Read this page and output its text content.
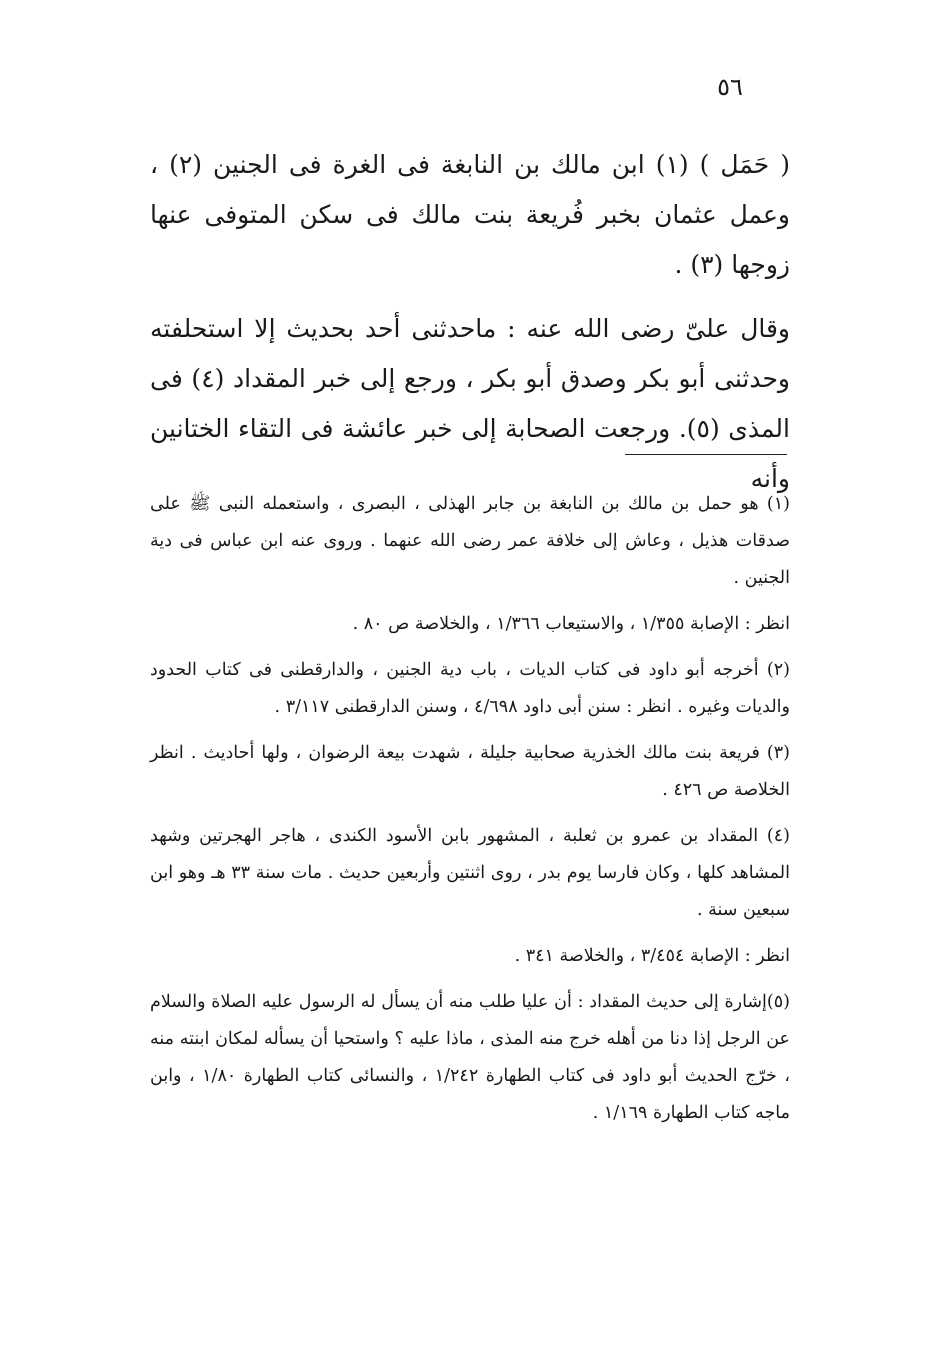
٥٦

( حَمَل ) (١) ابن مالك بن النابغة فى الغرة فى الجنين (٢) ، وعمل عثمان بخبر فُريعة بنت مالك فى سكن المتوفى عنها زوجها (٣) .

وقال علىّ رضى الله عنه : ماحدثنى أحد بحديث إلا استحلفته وحدثنى أبو بكر وصدق أبو بكر ، ورجع إلى خبر المقداد (٤) فى المذى (٥). ورجعت الصحابة إلى خبر عائشة فى التقاء الختانين وأنه

(١) هو حمل بن مالك بن النابغة بن جابر الهذلى ، البصرى ، واستعمله النبى ﷺ على صدقات هذيل ، وعاش إلى خلافة عمر رضى الله عنهما . وروى عنه ابن عباس فى دية الجنين .

انظر : الإصابة ١/٣٥٥ ، والاستيعاب ١/٣٦٦ ، والخلاصة ص ٨٠ .

(٢) أخرجه أبو داود فى كتاب الديات ، باب دية الجنين ، والدارقطنى فى كتاب الحدود والديات وغيره . انظر : سنن أبى داود ٤/٦٩٨ ، وسنن الدارقطنى ٣/١١٧ .

(٣) فريعة بنت مالك الخذرية صحابية جليلة ، شهدت بيعة الرضوان ، ولها أحاديث . انظر الخلاصة ص ٤٢٦ .

(٤) المقداد بن عمرو بن ثعلبة ، المشهور بابن الأسود الكندى ، هاجر الهجرتين وشهد المشاهد كلها ، وكان فارسا يوم بدر ، روى اثنتين وأربعين حديث . مات سنة ٣٣ هـ وهو ابن سبعين سنة .

انظر : الإصابة ٣/٤٥٤ ، والخلاصة ٣٤١ .

(٥)إشارة إلى حديث المقداد : أن عليا طلب منه أن يسأل له الرسول عليه الصلاة والسلام عن الرجل إذا دنا من أهله خرج منه المذى ، ماذا عليه ؟ واستحيا أن يسأله لمكان ابنته منه ، خرّج الحديث أبو داود فى كتاب الطهارة ١/٢٤٢ ، والنسائى كتاب الطهارة ١/٨٠ ، وابن ماجه كتاب الطهارة ١/١٦٩ .
